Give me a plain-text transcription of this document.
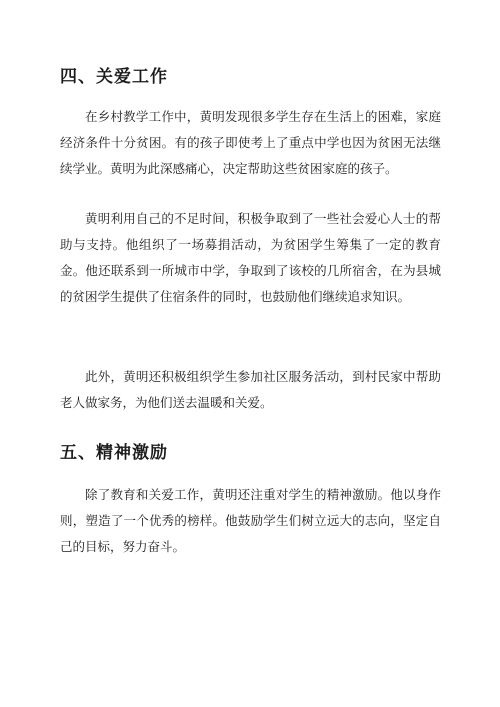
四、关爱工作

在乡村教学工作中，黄明发现很多学生存在生活上的困难，家庭经济条件十分贫困。有的孩子即使考上了重点中学也因为贫困无法继续学业。黄明为此深感痛心，决定帮助这些贫困家庭的孩子。

黄明利用自己的不足时间，积极争取到了一些社会爱心人士的帮助与支持。他组织了一场募捐活动，为贫困学生筹集了一定的教育金。他还联系到一所城市中学，争取到了该校的几所宿舍，在为县城的贫困学生提供了住宿条件的同时，也鼓励他们继续追求知识。

此外，黄明还积极组织学生参加社区服务活动，到村民家中帮助老人做家务，为他们送去温暖和关爱。

五、精神激励

除了教育和关爱工作，黄明还注重对学生的精神激励。他以身作则，塑造了一个优秀的榜样。他鼓励学生们树立远大的志向，坚定自己的目标，努力奋斗。
